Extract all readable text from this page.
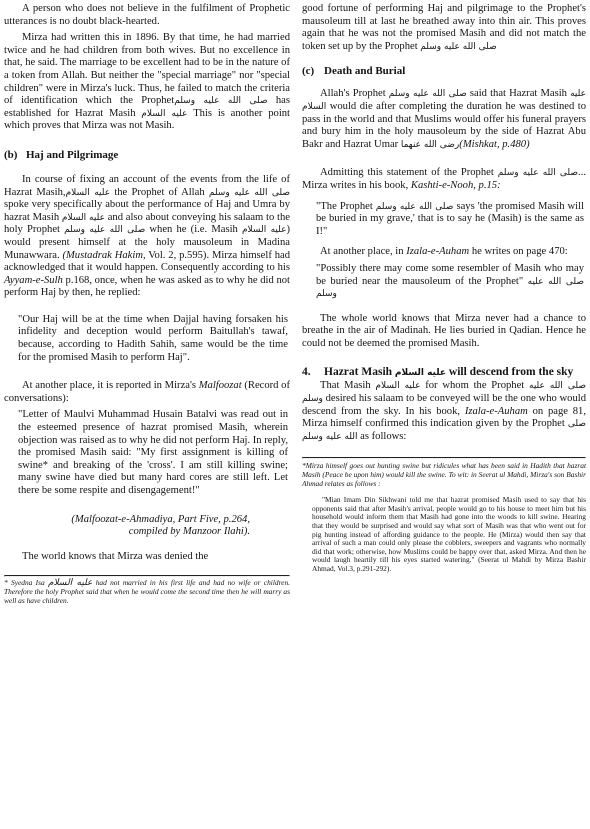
A person who does not believe in the fulfilment of Prophetic utterances is no doubt black-hearted.

Mirza had written this in 1896. By that time, he had married twice and he had children from both wives. But no excellence in that, he said. The marriage to be excellent had to be in the nature of a token from Allah. But neither the "special marriage" nor "special children" were in Mirza's luck. Thus, he failed to match the criteria of identification which the Prophetصلى الله عليه وسلم has established for Hazrat Masih عليه السلام This is another point which proves that Mirza was not Masih.

(b) Haj and Pilgrimage

In course of fixing an account of the events from the life of Hazrat Masih,عليه السلام the Prophet of Allah صلى الله عليه وسلم spoke very specifically about the performance of Haj and Umra by hazrat Masih عليه السلام and also about conveying his salaam to the holy Prophet صلى الله عليه وسلم when he (i.e. Masih عليه السلام) would present himself at the holy mausoleum in Madina Munawwara. (Mustadrak Hakim, Vol. 2, p.595). Mirza himself had acknowledged that it would happen. Consequently according to his Ayyam-e-Sulh p.168, once, when he was asked as to why he did not perform Haj by then, he replied:

"Our Haj will be at the time when Dajjal having forsaken his infidelity and deception would perform Baitullah's tawaf, because, according to Hadith Sahih, same would be the time for the promised Masih to perform Haj".

At another place, it is reported in Mirza's Malfoozat (Record of conversations):

"Letter of Maulvi Muhammad Husain Batalvi was read out in the esteemed presence of hazrat promised Masih, wherein objection was raised as to why he did not perform Haj. In reply, the promised Masih said: "My first assignment is killing of swine* and breaking of the 'cross'. I am still killing swine; many swine have died but many hard cores are still left. Let there be some respite and disengagement!"

(Malfoozat-e-Ahmadiya, Part Five, p.264,

compiled by Manzoor Ilahi).

The world knows that Mirza was denied the

* Syedna Isa عليه السلام had not married in his first life and had no wife or children. Therefore the holy Prophet said that when he would come the second time then he will marry as well as have children.

good fortune of performing Haj and pilgrimage to the Prophet's mausoleum till at last he breathed away into thin air. This proves again that he was not the promised Masih and did not match the token set up by the Prophet صلى الله عليه وسلم

(c) Death and Burial

Allah's Prophet صلى الله عليه وسلم said that Hazrat Masih عليه السلام would die after completing the duration he was destined to pass in the world and that Muslims would offer his funeral prayers and bury him in the holy mausoleum by the side of Hazrat Abu Bakr and Hazrat Umar رضى الله عنهما(Mishkat, p.480)

Admitting this statement of the Prophet صلى الله عليه وسلم... Mirza writes in his book, Kashti-e-Nooh, p.15:

"The Prophet صلى الله عليه وسلم says 'the promised Masih will be buried in my grave,' that is to say he (Masih) is the same as I!"

At another place, in Izala-e-Auham he writes on page 470:

"Possibly there may come some resembler of Masih who may be buried near the mausoleum of the Prophet" صلى الله عليه وسلم

The whole world knows that Mirza never had a chance to breathe in the air of Madinah. He lies buried in Qadian. Hence he could not be deemed the promised Masih.

4. Hazrat Masih عليه السلام will descend from the sky

That Masih عليه السلام for whom the Prophet صلى الله عليه وسلم desired his salaam to be conveyed will be the one who would descend from the sky. In his book, Izala-e-Auham on page 81, Mirza himself confirmed this indication given by the Prophet صلى الله عليه وسلم as follows:

*Mirza himself goes out hunting swine but ridicules what has been said in Hadith that hazrat Masih (Peace be upon him) would kill the swine. To wit: in Seerat ul Mahdi, Mirza's son Bashir Ahmad relates as follows :

"Mian Imam Din Sikhwani told me that hazrat promised Masih used to say that his opponents said that after Masih's arrival, people would go to his house to meet him but his household would inform them that Masih had gone into the woods to kill swine. Hearing that they would be surprised and would say what sort of Masih was that who went out for pig hunting instead of affording guidance to the people. He (Mirza) would then say that arrival of such a man could only please the cobblers, sweepers and vagrants who normally did that work; otherwise, how Muslims could be happy over that, asked Mirza. And then he would laugh heartily till his eyes started watering." (Seerat ul Mahdi by Mirza Bashir Ahmad, Vol.3, p.291-292).
